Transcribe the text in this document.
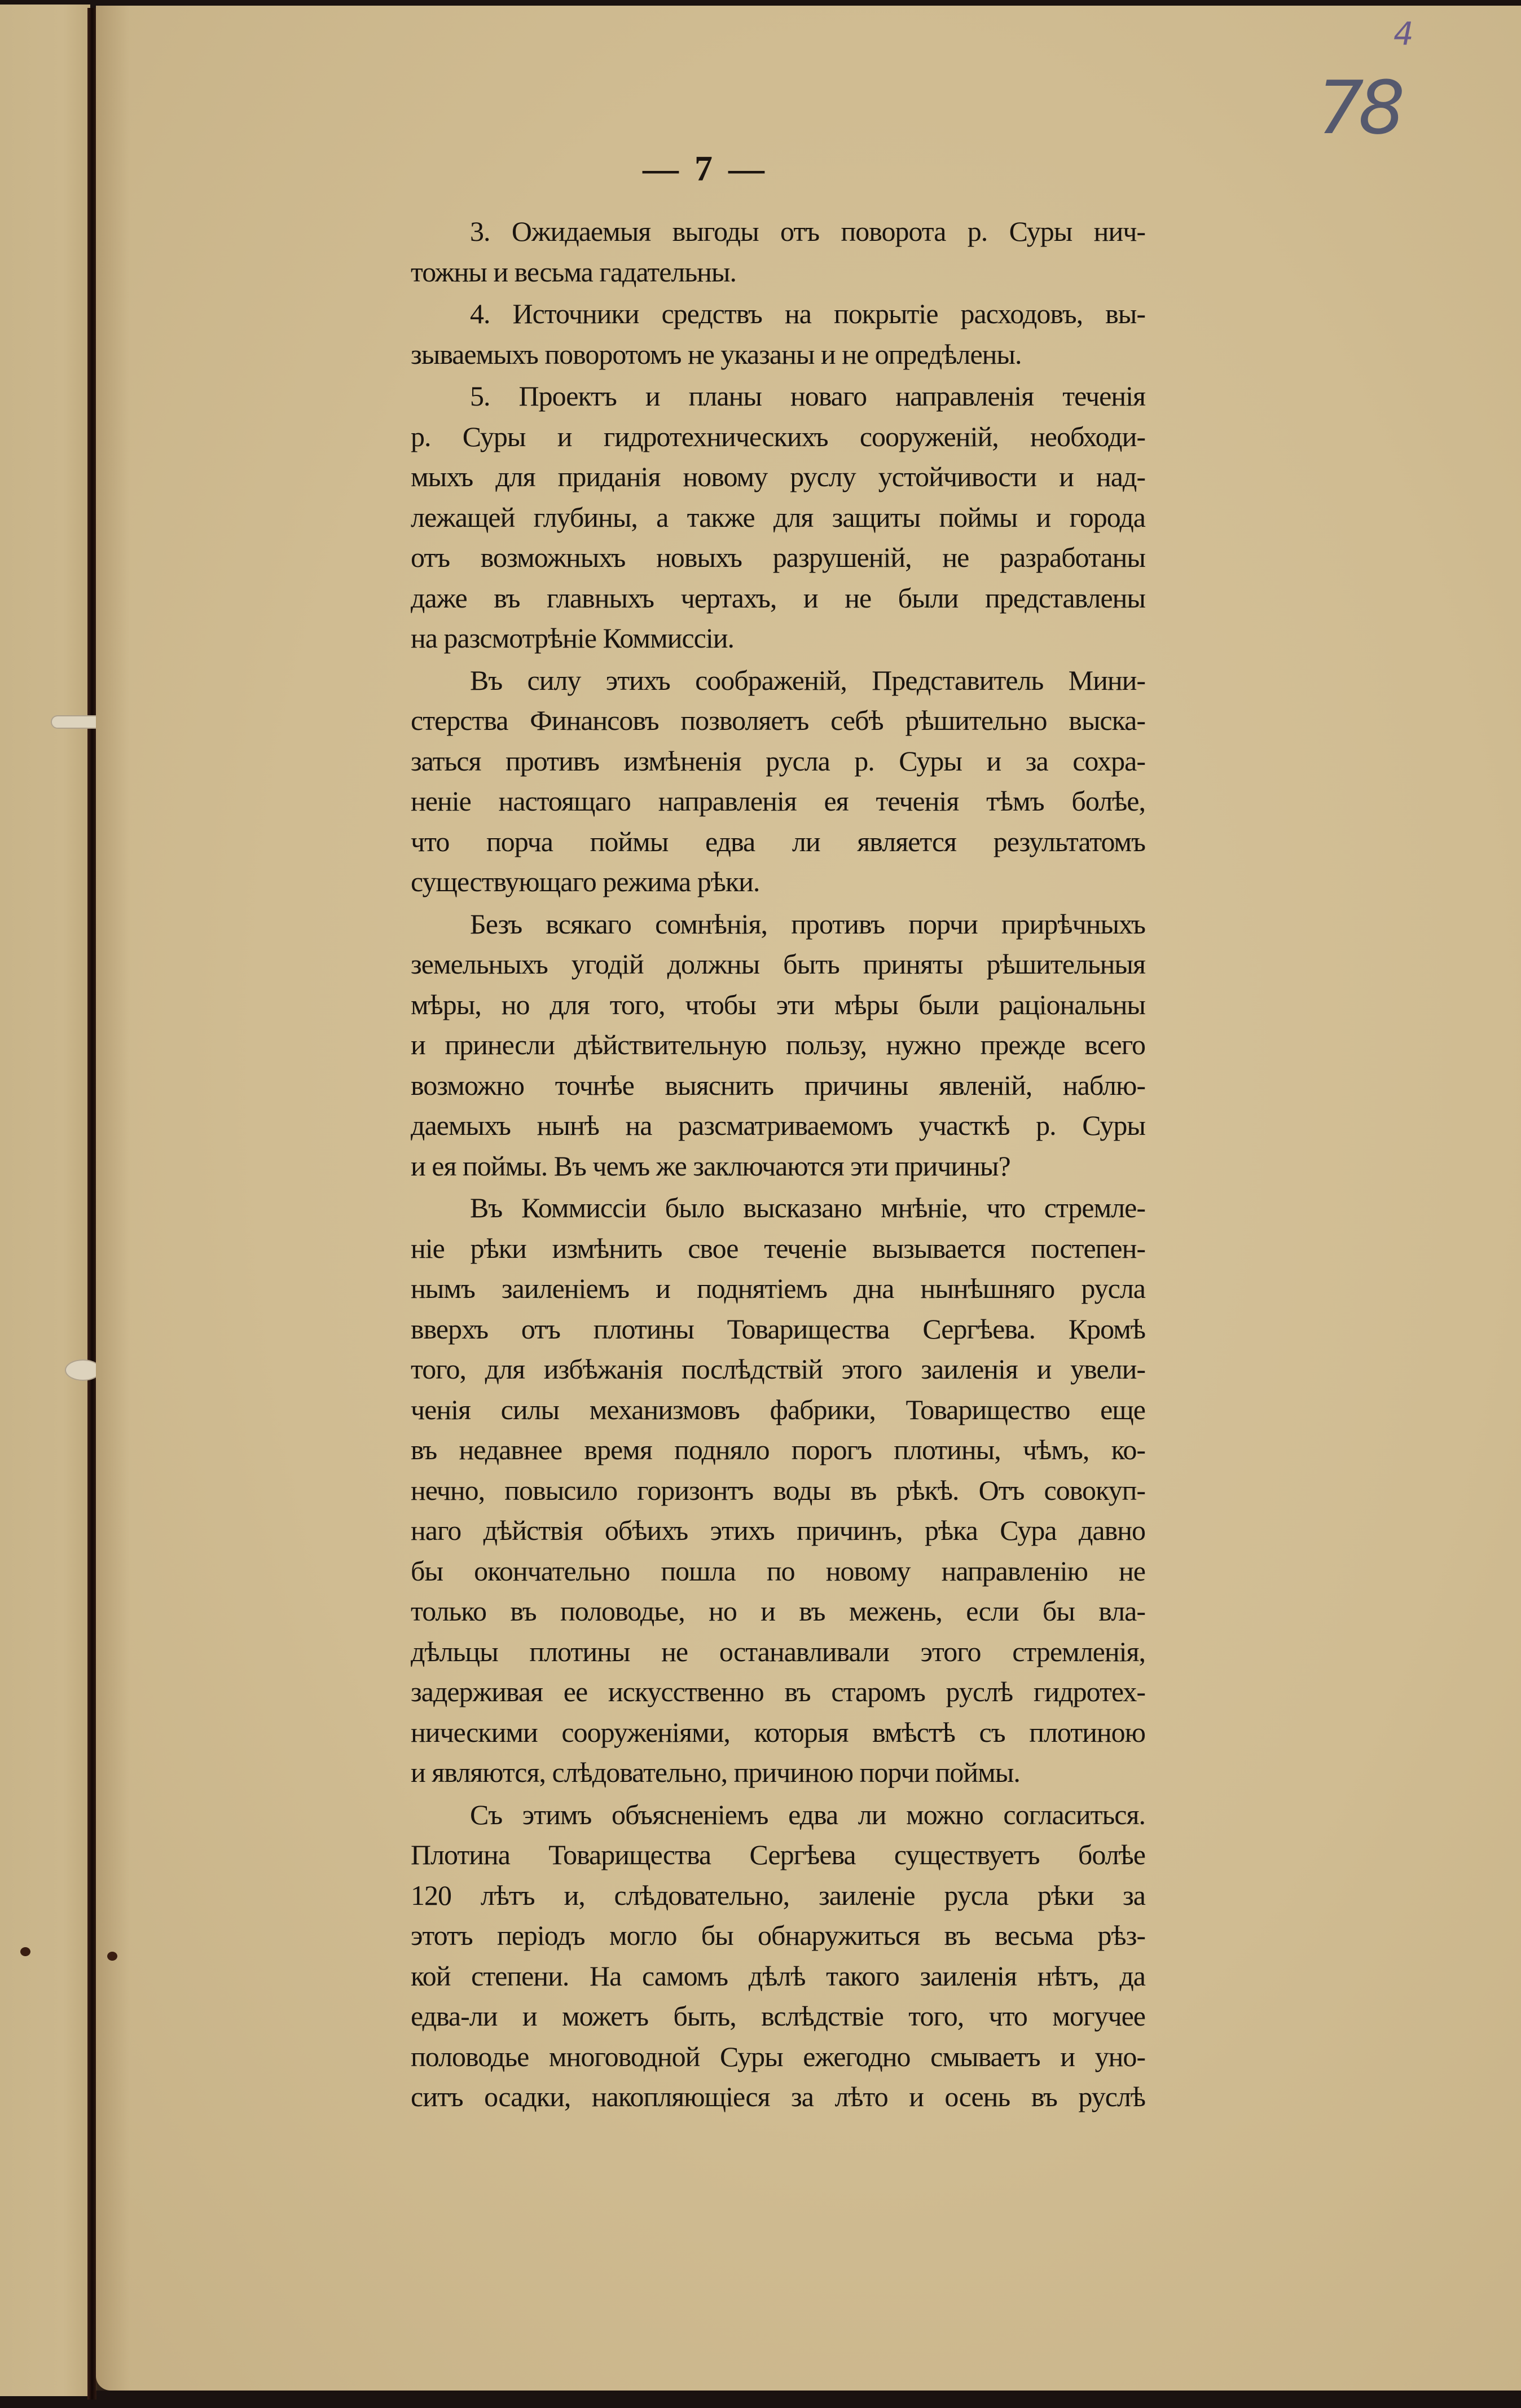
4
78
— 7 —
3. Ожидаемыя выгоды отъ поворота р. Суры нич-
тожны и весьма гадательны.
4. Источники средствъ на покрытіе расходовъ, вы-
зываемыхъ поворотомъ не указаны и не опредѣлены.
5. Проектъ и планы новаго направленія теченія
р. Суры и гидротехническихъ сооруженій, необходи-
мыхъ для приданія новому руслу устойчивости и над-
лежащей глубины, а также для защиты поймы и города
отъ возможныхъ новыхъ разрушеній, не разработаны
даже въ главныхъ чертахъ, и не были представлены
на разсмотрѣніе Коммиссіи.
Въ силу этихъ соображеній, Представитель Мини-
стерства Финансовъ позволяетъ себѣ рѣшительно выска-
заться противъ измѣненія русла р. Суры и за сохра-
неніе настоящаго направленія ея теченія тѣмъ болѣе,
что порча поймы едва ли является результатомъ
существующаго режима рѣки.
Безъ всякаго сомнѣнія, противъ порчи прирѣчныхъ
земельныхъ угодій должны быть приняты рѣшительныя
мѣры, но для того, чтобы эти мѣры были раціональны
и принесли дѣйствительную пользу, нужно прежде всего
возможно точнѣе выяснить причины явленій, наблю-
даемыхъ нынѣ на разсматриваемомъ участкѣ р. Суры
и ея поймы. Въ чемъ же заключаются эти причины?
Въ Коммиссіи было высказано мнѣніе, что стремле-
ніе рѣки измѣнить свое теченіе вызывается постепен-
нымъ заиленіемъ и поднятіемъ дна нынѣшняго русла
вверхъ отъ плотины Товарищества Сергѣева. Кромѣ
того, для избѣжанія послѣдствій этого заиленія и увели-
ченія силы механизмовъ фабрики, Товарищество еще
въ недавнее время подняло порогъ плотины, чѣмъ, ко-
нечно, повысило горизонтъ воды въ рѣкѣ. Отъ совокуп-
наго дѣйствія обѣихъ этихъ причинъ, рѣка Сура давно
бы окончательно пошла по новому направленію не
только въ половодье, но и въ межень, если бы вла-
дѣльцы плотины не останавливали этого стремленія,
задерживая ее искусственно въ старомъ руслѣ гидротех-
ническими сооруженіями, которыя вмѣстѣ съ плотиною
и являются, слѣдовательно, причиною порчи поймы.
Съ этимъ объясненіемъ едва ли можно согласиться.
Плотина Товарищества Сергѣева существуетъ болѣе
120 лѣтъ и, слѣдовательно, заиленіе русла рѣки за
этотъ періодъ могло бы обнаружиться въ весьма рѣз-
кой степени. На самомъ дѣлѣ такого заиленія нѣтъ, да
едва-ли и можетъ быть, вслѣдствіе того, что могучее
половодье многоводной Суры ежегодно смываетъ и уно-
ситъ осадки, накопляющіеся за лѣто и осень въ руслѣ
